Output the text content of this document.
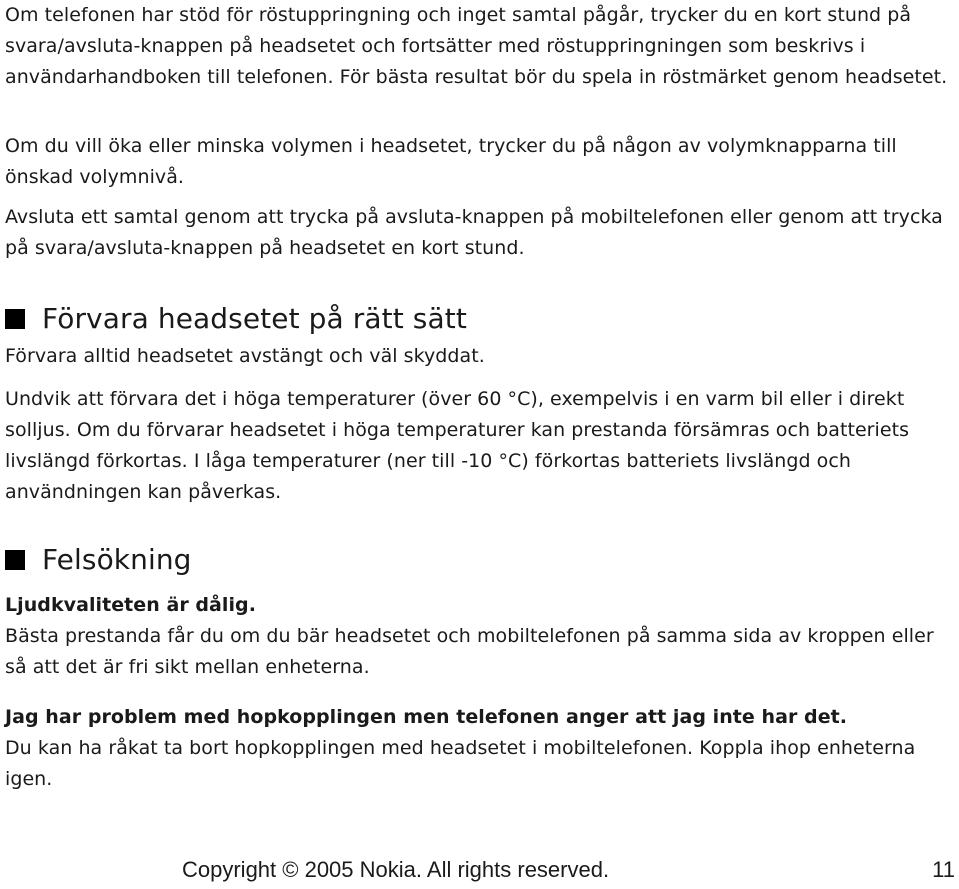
Om telefonen har stöd för röstuppringning och inget samtal pågår, trycker du en kort stund på svara/avsluta-knappen på headsetet och fortsätter med röstuppringningen som beskrivs i användarhandboken till telefonen. För bästa resultat bör du spela in röstmärket genom headsetet.

Om du vill öka eller minska volymen i headsetet, trycker du på någon av volymknapparna till önskad volymnivå.

Avsluta ett samtal genom att trycka på avsluta-knappen på mobiltelefonen eller genom att trycka på svara/avsluta-knappen på headsetet en kort stund.

Förvara headsetet på rätt sätt

Förvara alltid headsetet avstängt och väl skyddat.

Undvik att förvara det i höga temperaturer (över 60 °C), exempelvis i en varm bil eller i direkt solljus. Om du förvarar headsetet i höga temperaturer kan prestanda försämras och batteriets livslängd förkortas. I låga temperaturer (ner till -10 °C) förkortas batteriets livslängd och användningen kan påverkas.

Felsökning

Ljudkvaliteten är dålig.

Bästa prestanda får du om du bär headsetet och mobiltelefonen på samma sida av kroppen eller så att det är fri sikt mellan enheterna.

Jag har problem med hopkopplingen men telefonen anger att jag inte har det.

Du kan ha råkat ta bort hopkopplingen med headsetet i mobiltelefonen. Koppla ihop enheterna igen.

Copyright © 2005 Nokia. All rights reserved.	11
